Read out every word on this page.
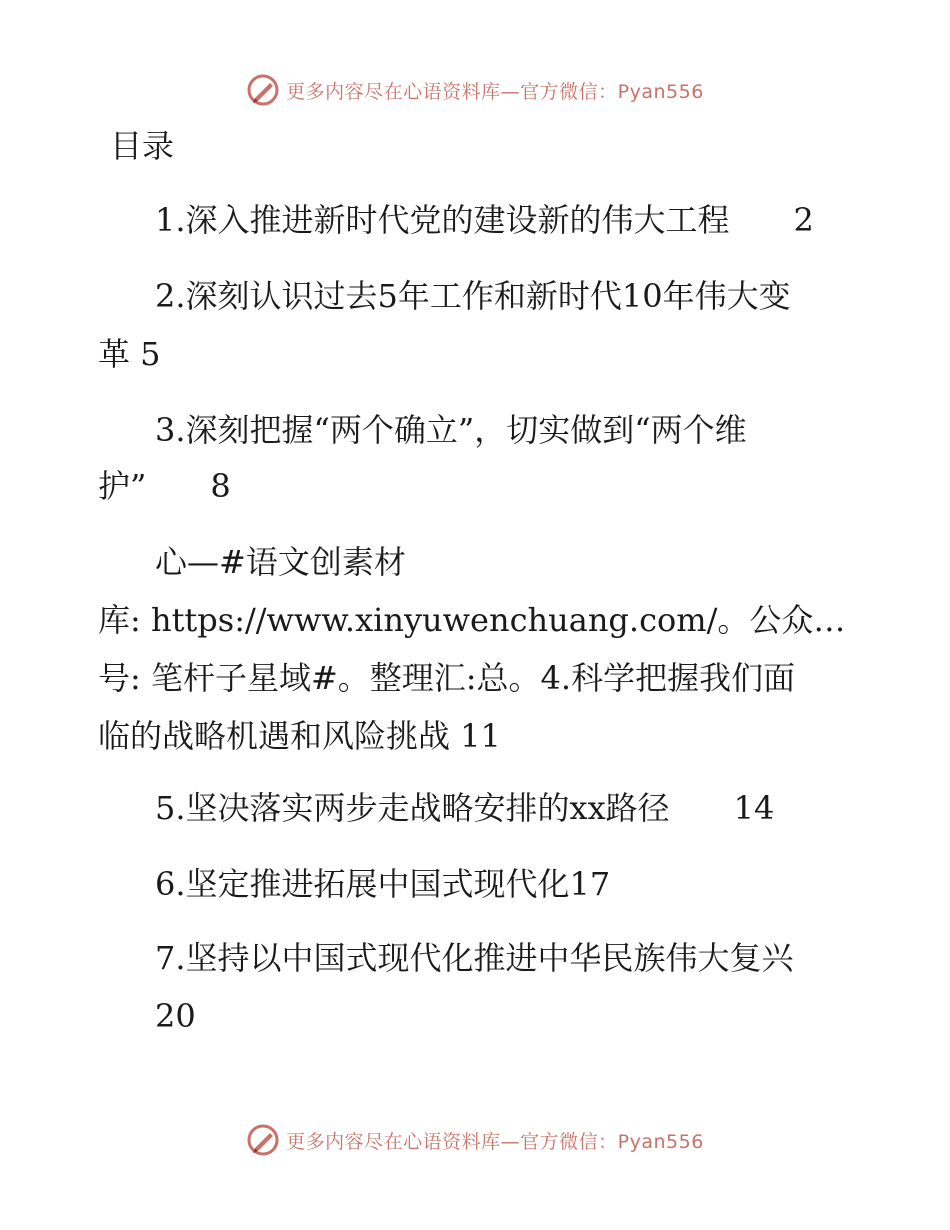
更多内容尽在心语资料库—官方微信：Pyan556
目录
1.深入推进新时代党的建设新的伟大工程　　2
2.深刻认识过去5年工作和新时代10年伟大变
革 5
3.深刻把握“两个确立”，切实做到“两个维
护”　　8
心—#语文创素材
库: https://www.xinyuwenchuang.com/。公众…
号: 笔杆子星域#。整理汇:总。4.科学把握我们面
临的战略机遇和风险挑战 11
5.坚决落实两步走战略安排的xx路径　　14
6.坚定推进拓展中国式现代化17
7.坚持以中国式现代化推进中华民族伟大复兴
20
更多内容尽在心语资料库—官方微信：Pyan556
